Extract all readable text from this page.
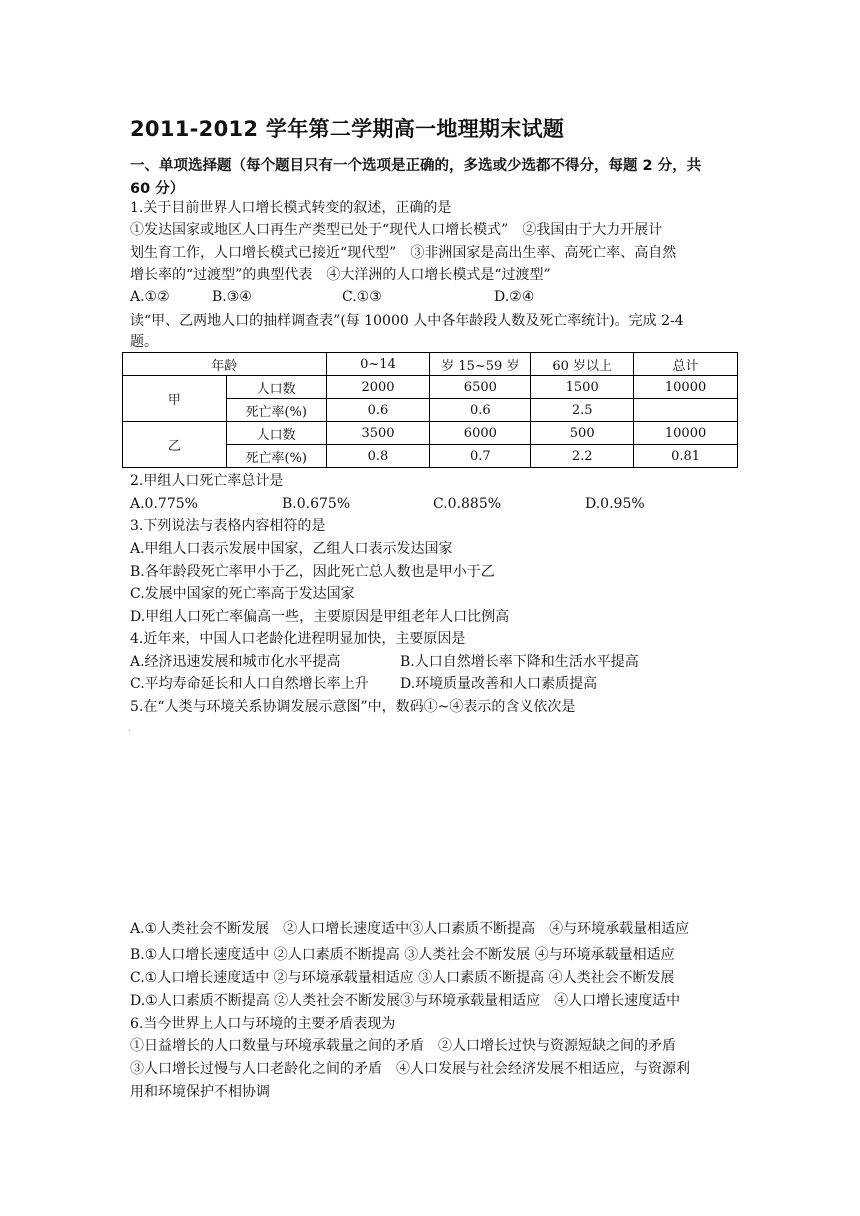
2011-2012 学年第二学期高一地理期末试题
一、单项选择题（每个题目只有一个选项是正确的，多选或少选都不得分，每题 2 分，共
60 分）
1.关于目前世界人口增长模式转变的叙述，正确的是
①发达国家或地区人口再生产类型已处于“现代人口增长模式”　②我国由于大力开展计
划生育工作，人口增长模式已接近“现代型”　③非洲国家是高出生率、高死亡率、高自然
增长率的“过渡型”的典型代表　④大洋洲的人口增长模式是“过渡型”
A.①②	B.③④	C.①③	D.②④
读“甲、乙两地人口的抽样调查表”(每 10000 人中各年龄段人数及死亡率统计)。完成 2-4
题。
年龄		0~14	岁 15~59 岁	60 岁以上	总计
甲	人口数	2000	6500	1500	10000
	死亡率(%)	0.6	0.6	2.5	
乙	人口数	3500	6000	500	10000
	死亡率(%)	0.8	0.7	2.2	0.81
2.甲组人口死亡率总计是
A.0.775%	B.0.675%	C.0.885%	D.0.95%
3.下列说法与表格内容相符的是
A.甲组人口表示发展中国家，乙组人口表示发达国家
B.各年龄段死亡率甲小于乙，因此死亡总人数也是甲小于乙
C.发展中国家的死亡率高于发达国家
D.甲组人口死亡率偏高一些，主要原因是甲组老年人口比例高
4.近年来，中国人口老龄化进程明显加快，主要原因是
A.经济迅速发展和城市化水平提高	B.人口自然增长率下降和生活水平提高
C.平均寿命延长和人口自然增长率上升 D.环境质量改善和人口素质提高
5.在“人类与环境关系协调发展示意图”中，数码①~④表示的含义依次是
ˎ
A.①人类社会不断发展　②人口增长速度适中③人口素质不断提高　④与环境承载量相适应
B.①人口增长速度适中 ②人口素质不断提高 ③人类社会不断发展 ④与环境承载量相适应
C.①人口增长速度适中 ②与环境承载量相适应 ③人口素质不断提高 ④人类社会不断发展
D.①人口素质不断提高 ②人类社会不断发展③与环境承载量相适应　④人口增长速度适中
6.当今世界上人口与环境的主要矛盾表现为
①日益增长的人口数量与环境承载量之间的矛盾　②人口增长过快与资源短缺之间的矛盾
③人口增长过慢与人口老龄化之间的矛盾　④人口发展与社会经济发展不相适应，与资源利
用和环境保护不相协调
